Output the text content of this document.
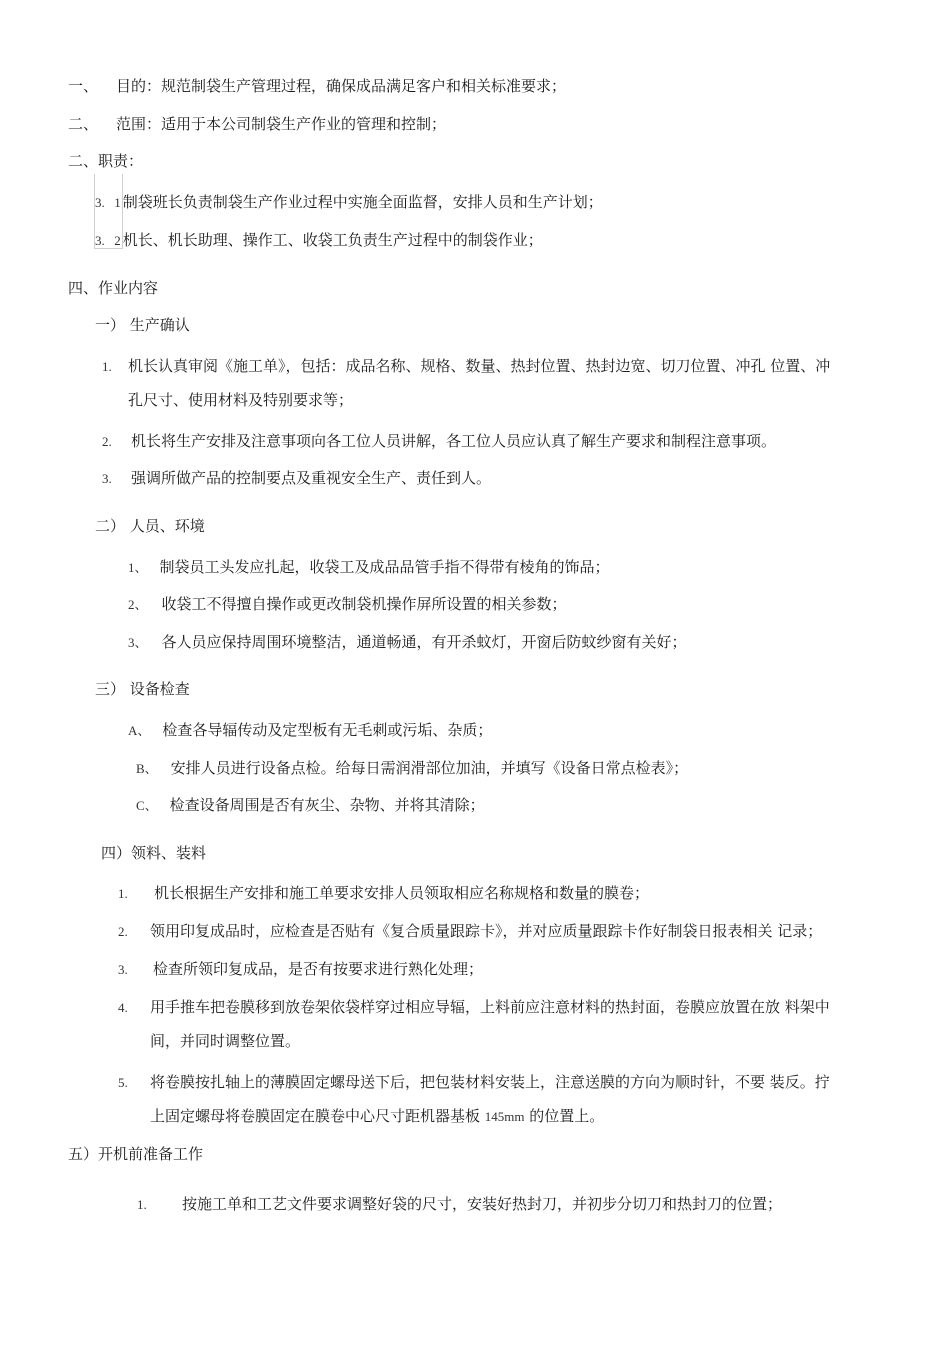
一、 目的：规范制袋生产管理过程，确保成品满足客户和相关标准要求；
二、 范围：适用于本公司制袋生产作业的管理和控制；
二、职责：
3. 1 制袋班长负责制袋生产作业过程中实施全面监督，安排人员和生产计划；
3. 2 机长、机长助理、操作工、收袋工负责生产过程中的制袋作业；
四、作业内容
一） 生产确认
1. 机长认真审阅《施工单》，包括：成品名称、规格、数量、热封位置、热封边宽、切刀位置、冲孔 位置、冲
孔尺寸、使用材料及特别要求等；
2. 机长将生产安排及注意事项向各工位人员讲解，各工位人员应认真了解生产要求和制程注意事项。
3. 强调所做产品的控制要点及重视安全生产、责任到人。
二） 人员、环境
1、 制袋员工头发应扎起，收袋工及成品品管手指不得带有棱角的饰品；
2、 收袋工不得擅自操作或更改制袋机操作屏所设置的相关参数；
3、 各人员应保持周围环境整洁，通道畅通，有开杀蚊灯，开窗后防蚊纱窗有关好；
三） 设备检查
A、 检查各导辐传动及定型板有无毛刺或污垢、杂质；
B、 安排人员进行设备点检。给每日需润滑部位加油，并填写《设备日常点检表》；
C、 检查设备周围是否有灰尘、杂物、并将其清除；
四）领料、装料
1. 机长根据生产安排和施工单要求安排人员领取相应名称规格和数量的膜卷；
2. 领用印复成品时，应检查是否贴有《复合质量跟踪卡》，并对应质量跟踪卡作好制袋日报表相关 记录；
3. 检查所领印复成品，是否有按要求进行熟化处理；
4. 用手推车把卷膜移到放卷架依袋样穿过相应导辐，上料前应注意材料的热封面，卷膜应放置在放 料架中
间，并同时调整位置。
5. 将卷膜按扎轴上的薄膜固定螺母送下后，把包装材料安装上，注意送膜的方向为顺时针，不要 装反。拧
上固定螺母将卷膜固定在膜卷中心尺寸距机器基板 145mm 的位置上。
五）开机前准备工作
1. 按施工单和工艺文件要求调整好袋的尺寸，安装好热封刀，并初步分切刀和热封刀的位置；
